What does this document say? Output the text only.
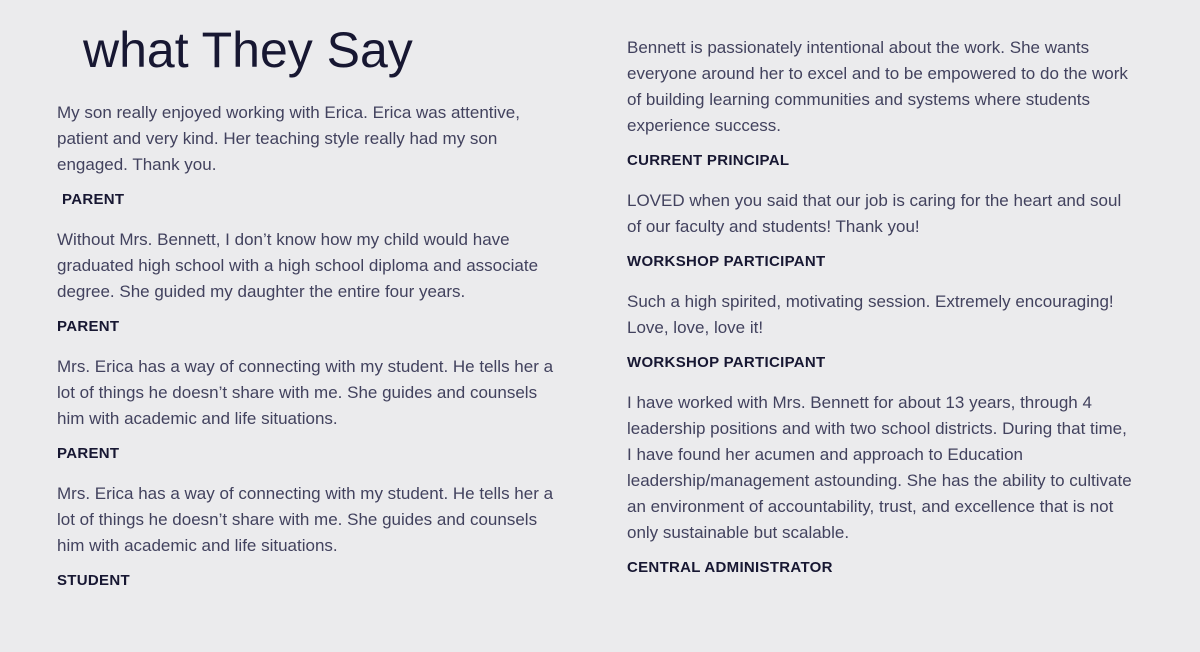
what They Say

My son really enjoyed working with Erica. Erica was attentive, patient and very kind. Her teaching style really had my son engaged. Thank you.

PARENT

Without Mrs. Bennett, I don’t know how my child would have graduated high school with a high school diploma and associate degree. She guided my daughter the entire four years.

PARENT

Mrs. Erica has a way of connecting with my student. He tells her a lot of things he doesn’t share with me. She guides and counsels him with academic and life situations.

PARENT

Mrs. Erica has a way of connecting with my student. He tells her a lot of things he doesn’t share with me. She guides and counsels him with academic and life situations.

STUDENT

Bennett is passionately intentional about the work. She wants everyone around her to excel and to be empowered to do the work of building learning communities and systems where students experience success.

CURRENT PRINCIPAL

LOVED when you said that our job is caring for the heart and soul of our faculty and students! Thank you!

WORKSHOP PARTICIPANT

Such a high spirited, motivating session. Extremely encouraging! Love, love, love it!

WORKSHOP PARTICIPANT

I have worked with Mrs. Bennett for about 13 years, through 4 leadership positions and with two school districts. During that time, I have found her acumen and approach to Education leadership/management astounding. She has the ability to cultivate an environment of accountability, trust, and excellence that is not only sustainable but scalable.

CENTRAL ADMINISTRATOR
